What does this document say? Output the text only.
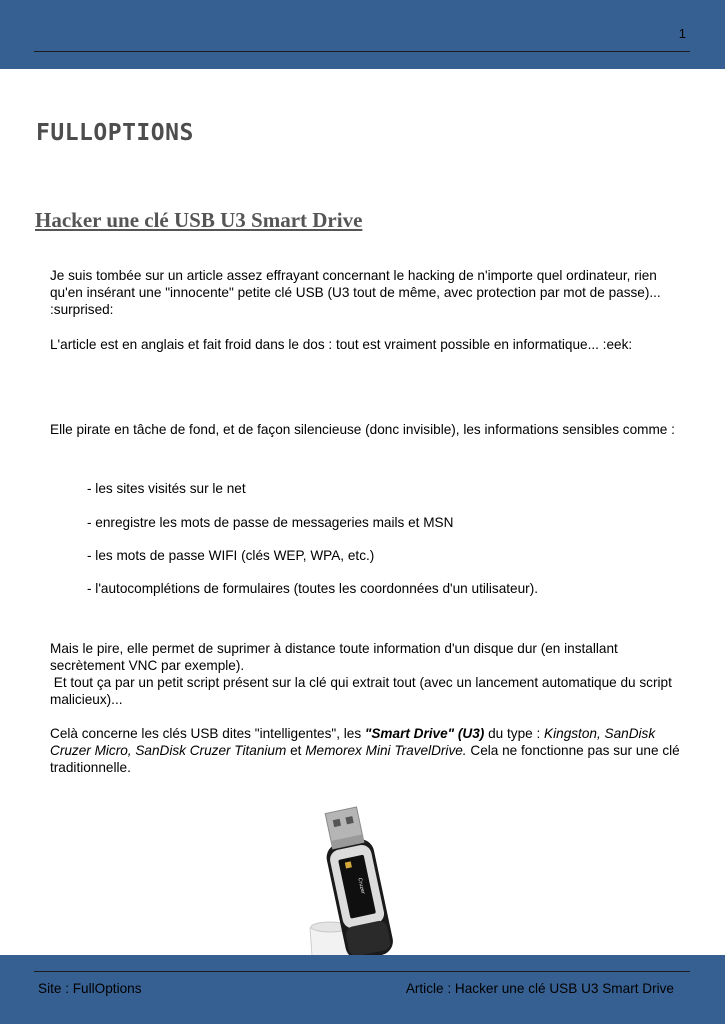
1
FULLOPTIONS
Hacker une clé USB U3 Smart Drive

Je suis tombée sur un article assez effrayant concernant le hacking de n'importe quel ordinateur, rien qu'en insérant une "innocente" petite clé USB (U3 tout de même, avec protection par mot de passe)... :surprised:

L'article est en anglais et fait froid dans le dos : tout est vraiment possible en informatique... :eek:

Elle pirate en tâche de fond, et de façon silencieuse (donc invisible), les informations sensibles comme :

- les sites visités sur le net

- enregistre les mots de passe de messageries mails et MSN

- les mots de passe WIFI (clés WEP, WPA, etc.)

- l'autocomplétions de formulaires (toutes les coordonnées d'un utilisateur).

Mais le pire, elle permet de suprimer à distance toute information d'un disque dur (en installant secrètement VNC par exemple).
Et tout ça par un petit script présent sur la clé qui extrait tout (avec un lancement automatique du script malicieux)...

Celà concerne les clés USB dites "intelligentes", les "Smart Drive" (U3) du type : Kingston, SanDisk Cruzer Micro, SanDisk Cruzer Titanium et Memorex Mini TravelDrive. Cela ne fonctionne pas sur une clé traditionnelle.

Cruzer
Site : FullOptions	Article : Hacker une clé USB U3 Smart Drive
